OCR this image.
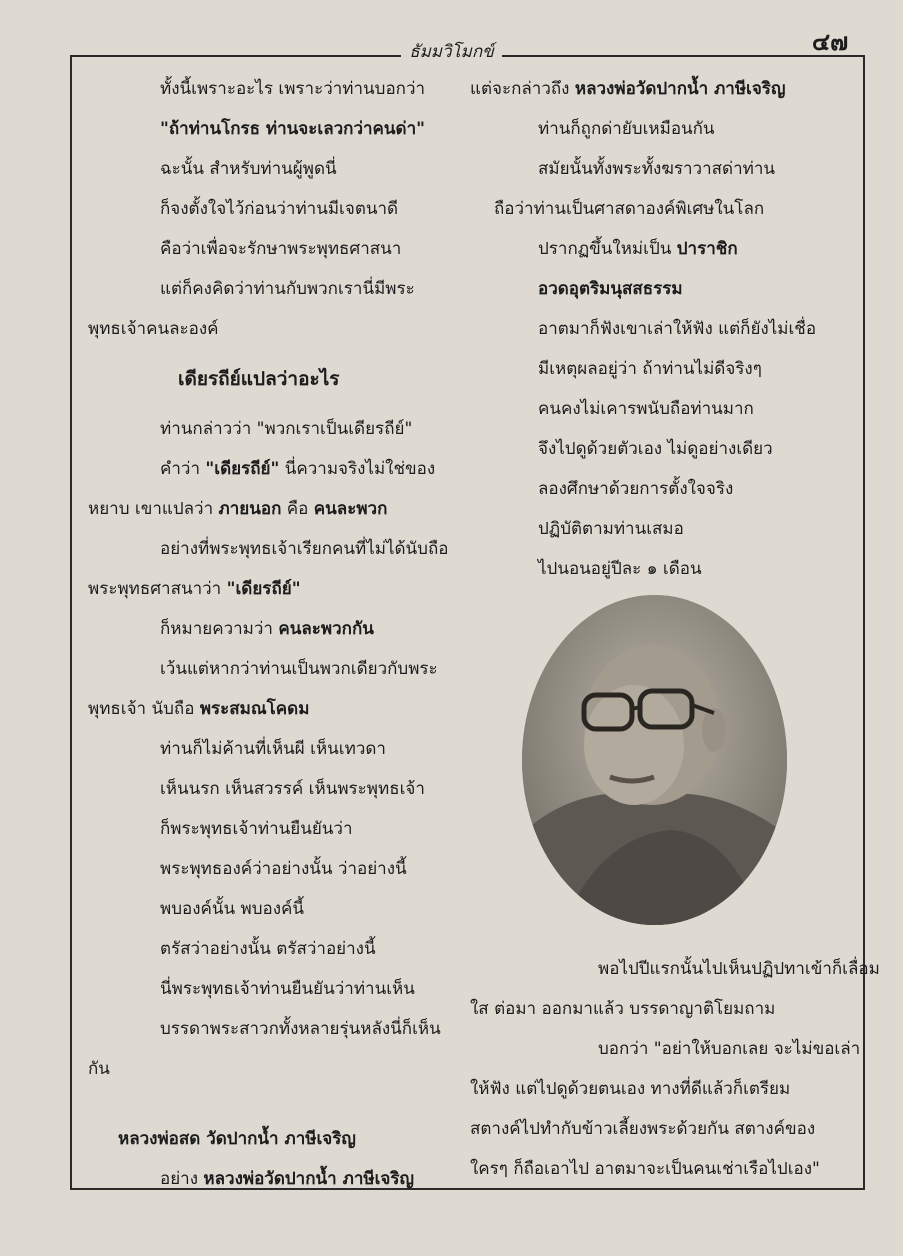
๔๗
ธัมมวิโมกข์
ทั้งนี้เพราะอะไร เพราะว่าท่านบอกว่า
"ถ้าท่านโกรธ ท่านจะเลวกว่าคนด่า"
ฉะนั้น สำหรับท่านผู้พูดนี่
ก็จงตั้งใจไว้ก่อนว่าท่านมีเจตนาดี
คือว่าเพื่อจะรักษาพระพุทธศาสนา
แต่ก็คงคิดว่าท่านกับพวกเรานี่มีพระ
พุทธเจ้าคนละองค์
เดียรถีย์แปลว่าอะไร
ท่านกล่าวว่า "พวกเราเป็นเดียรถีย์"
คำว่า "เดียรถีย์" นี่ความจริงไม่ใช่ของ
หยาบ เขาแปลว่า ภายนอก คือ คนละพวก
อย่างที่พระพุทธเจ้าเรียกคนที่ไม่ได้นับถือ
พระพุทธศาสนาว่า "เดียรถีย์"
ก็หมายความว่า คนละพวกกัน
เว้นแต่หากว่าท่านเป็นพวกเดียวกับพระ
พุทธเจ้า นับถือ พระสมณโคดม
ท่านก็ไม่ค้านที่เห็นผี เห็นเทวดา
เห็นนรก เห็นสวรรค์ เห็นพระพุทธเจ้า
ก็พระพุทธเจ้าท่านยืนยันว่า
พระพุทธองค์ว่าอย่างนั้น ว่าอย่างนี้
พบองค์นั้น พบองค์นี้
ตรัสว่าอย่างนั้น ตรัสว่าอย่างนี้
นี่พระพุทธเจ้าท่านยืนยันว่าท่านเห็น
บรรดาพระสาวกทั้งหลายรุ่นหลังนี่ก็เห็น
กัน
หลวงพ่อสด วัดปากน้ำ ภาษีเจริญ
อย่าง หลวงพ่อวัดปากน้ำ ภาษีเจริญ
แต่จะกล่าวถึง หลวงพ่อวัดปากน้ำ ภาษีเจริญ
ท่านก็ถูกด่ายับเหมือนกัน
สมัยนั้นทั้งพระทั้งฆราวาสด่าท่าน
ถือว่าท่านเป็นศาสดาองค์พิเศษในโลก
ปรากฏขึ้นใหม่เป็น ปาราชิก
อวดอุตริมนุสสธรรม
อาตมาก็ฟังเขาเล่าให้ฟัง แต่ก็ยังไม่เชื่อ
มีเหตุผลอยู่ว่า ถ้าท่านไม่ดีจริงๆ
คนคงไม่เคารพนับถือท่านมาก
จึงไปดูด้วยตัวเอง ไม่ดูอย่างเดียว
ลองศึกษาด้วยการตั้งใจจริง
ปฏิบัติตามท่านเสมอ
ไปนอนอยู่ปีละ ๑ เดือน
พอไปปีแรกนั้นไปเห็นปฏิปทาเข้าก็เลื่อม
ใส ต่อมา ออกมาแล้ว บรรดาญาติโยมถาม
บอกว่า "อย่าให้บอกเลย จะไม่ขอเล่า
ให้ฟัง แต่ไปดูด้วยตนเอง ทางที่ดีแล้วก็เตรียม
สตางค์ไปทำกับข้าวเลี้ยงพระด้วยกัน สตางค์ของ
ใครๆ ก็ถือเอาไป อาตมาจะเป็นคนเช่าเรือไปเอง"
